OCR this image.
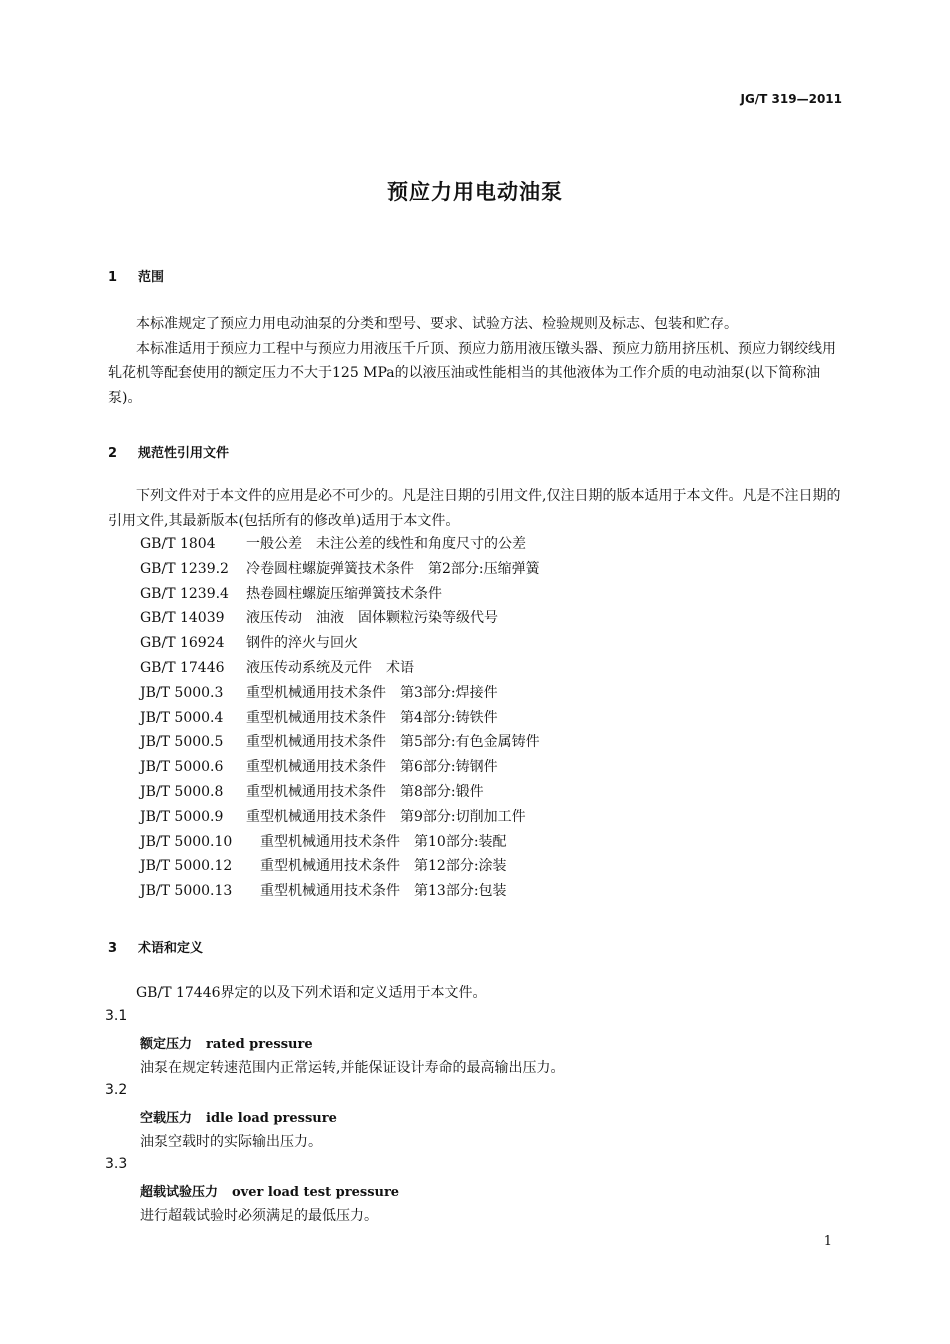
JG/T 319—2011
预应力用电动油泵
1 范围

本标准规定了预应力用电动油泵的分类和型号、要求、试验方法、检验规则及标志、包装和贮存。

本标准适用于预应力工程中与预应力用液压千斤顶、预应力筋用液压镦头器、预应力筋用挤压机、预应力钢绞线用轧花机等配套使用的额定压力不大于125 MPa的以液压油或性能相当的其他液体为工作介质的电动油泵(以下简称油泵)。

2 规范性引用文件

下列文件对于本文件的应用是必不可少的。凡是注日期的引用文件,仅注日期的版本适用于本文件。凡是不注日期的引用文件,其最新版本(包括所有的修改单)适用于本文件。

GB/T 1804 一般公差　未注公差的线性和角度尺寸的公差
GB/T 1239.2 冷卷圆柱螺旋弹簧技术条件 第2部分:压缩弹簧
GB/T 1239.4 热卷圆柱螺旋压缩弹簧技术条件
GB/T 14039 液压传动　油液　固体颗粒污染等级代号
GB/T 16924 钢件的淬火与回火
GB/T 17446 液压传动系统及元件　术语
JB/T 5000.3 重型机械通用技术条件 第3部分:焊接件
JB/T 5000.4 重型机械通用技术条件 第4部分:铸铁件
JB/T 5000.5 重型机械通用技术条件 第5部分:有色金属铸件
JB/T 5000.6 重型机械通用技术条件 第6部分:铸钢件
JB/T 5000.8 重型机械通用技术条件 第8部分:锻件
JB/T 5000.9 重型机械通用技术条件 第9部分:切削加工件
JB/T 5000.10 重型机械通用技术条件 第10部分:装配
JB/T 5000.12 重型机械通用技术条件 第12部分:涂装
JB/T 5000.13 重型机械通用技术条件 第13部分:包装
3 术语和定义

GB/T 17446界定的以及下列术语和定义适用于本文件。

3.1
额定压力 rated pressure
油泵在规定转速范围内正常运转,并能保证设计寿命的最高输出压力。
3.2
空载压力 idle load pressure
油泵空载时的实际输出压力。
3.3
超载试验压力 over load test pressure
进行超载试验时必须满足的最低压力。
1
